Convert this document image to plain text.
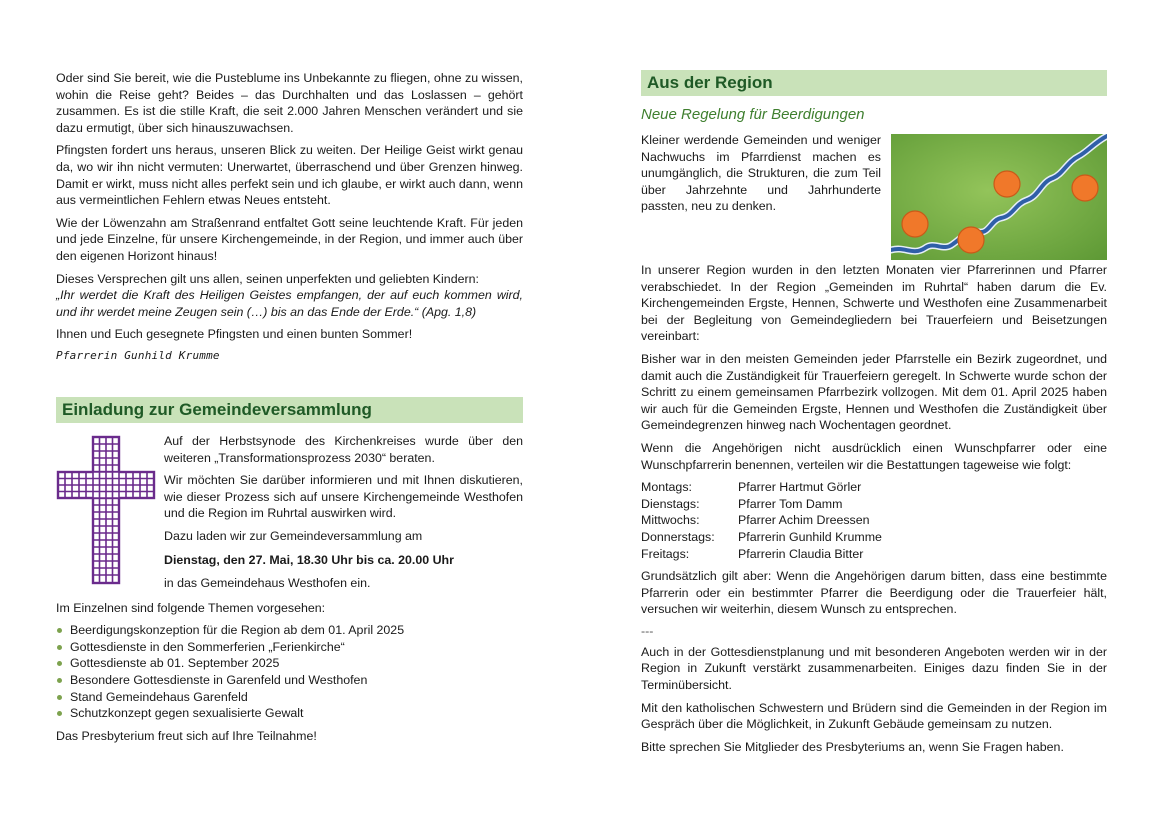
Oder sind Sie bereit, wie die Pusteblume ins Unbekannte zu fliegen, ohne zu wissen, wohin die Reise geht? Beides – das Durchhalten und das Loslassen – gehört zusammen. Es ist die stille Kraft, die seit 2.000 Jahren Menschen verändert und sie dazu ermutigt, über sich hinauszuwachsen.

Pfingsten fordert uns heraus, unseren Blick zu weiten. Der Heilige Geist wirkt genau da, wo wir ihn nicht vermuten: Unerwartet, überraschend und über Grenzen hinweg. Damit er wirkt, muss nicht alles perfekt sein und ich glaube, er wirkt auch dann, wenn aus vermeintlichen Fehlern etwas Neues entsteht.

Wie der Löwenzahn am Straßenrand entfaltet Gott seine leuchtende Kraft. Für jeden und jede Einzelne, für unsere Kirchengemeinde, in der Region, und immer auch über den eigenen Horizont hinaus!

Dieses Versprechen gilt uns allen, seinen unperfekten und geliebten Kindern:

„Ihr werdet die Kraft des Heiligen Geistes empfangen, der auf euch kommen wird, und ihr werdet meine Zeugen sein (…) bis an das Ende der Erde.“ (Apg. 1,8)

Ihnen und Euch gesegnete Pfingsten und einen bunten Sommer!

Pfarrerin Gunhild Krumme
Einladung zur Gemeindeversammlung

Auf der Herbstsynode des Kirchenkreises wurde über den weiteren „Transformationsprozess 2030“ beraten.

Wir möchten Sie darüber informieren und mit Ihnen diskutieren, wie dieser Prozess sich auf unsere Kirchengemeinde Westhofen und die Region im Ruhrtal auswirken wird.

Dazu laden wir zur Gemeindeversammlung am

Dienstag, den 27. Mai, 18.30 Uhr bis ca. 20.00 Uhr

in das Gemeindehaus Westhofen ein.

Im Einzelnen sind folgende Themen vorgesehen:

Beerdigungskonzeption für die Region ab dem 01. April 2025
Gottesdienste in den Sommerferien „Ferienkirche“
Gottesdienste ab 01. September 2025
Besondere Gottesdienste in Garenfeld und Westhofen
Stand Gemeindehaus Garenfeld
Schutzkonzept gegen sexualisierte Gewalt

Das Presbyterium freut sich auf Ihre Teilnahme!

Aus der Region
Neue Regelung für Beerdigungen

Kleiner werdende Gemeinden und weniger Nachwuchs im Pfarrdienst machen es unumgänglich, die Strukturen, die zum Teil über Jahrzehnte und Jahrhunderte passten, neu zu denken.

In unserer Region wurden in den letzten Monaten vier Pfarrerinnen und Pfarrer verabschiedet. In der Region „Gemeinden im Ruhrtal“ haben darum die Ev. Kirchengemeinden Ergste, Hennen, Schwerte und Westhofen eine Zusammenarbeit bei der Begleitung von Gemeindegliedern bei Trauerfeiern und Beisetzungen vereinbart:

Bisher war in den meisten Gemeinden jeder Pfarrstelle ein Bezirk zugeordnet, und damit auch die Zuständigkeit für Trauerfeiern geregelt. In Schwerte wurde schon der Schritt zu einem gemeinsamen Pfarrbezirk vollzogen. Mit dem 01. April 2025 haben wir auch für die Gemeinden Ergste, Hennen und Westhofen die Zuständigkeit über Gemeindegrenzen hinweg nach Wochentagen geordnet.

Wenn die Angehörigen nicht ausdrücklich einen Wunschpfarrer oder eine Wunschpfarrerin benennen, verteilen wir die Bestattungen tageweise wie folgt:

Montags:	Pfarrer Hartmut Görler
Dienstags:	Pfarrer Tom Damm
Mittwochs:	Pfarrer Achim Dreessen
Donnerstags:	Pfarrerin Gunhild Krumme
Freitags:	Pfarrerin Claudia Bitter

Grundsätzlich gilt aber: Wenn die Angehörigen darum bitten, dass eine bestimmte Pfarrerin oder ein bestimmter Pfarrer die Beerdigung oder die Trauerfeier hält, versuchen wir weiterhin, diesem Wunsch zu entsprechen.

---

Auch in der Gottesdienstplanung und mit besonderen Angeboten werden wir in der Region in Zukunft verstärkt zusammenarbeiten. Einiges dazu finden Sie in der Terminübersicht.

Mit den katholischen Schwestern und Brüdern sind die Gemeinden in der Region im Gespräch über die Möglichkeit, in Zukunft Gebäude gemeinsam zu nutzen.

Bitte sprechen Sie Mitglieder des Presbyteriums an, wenn Sie Fragen haben.
